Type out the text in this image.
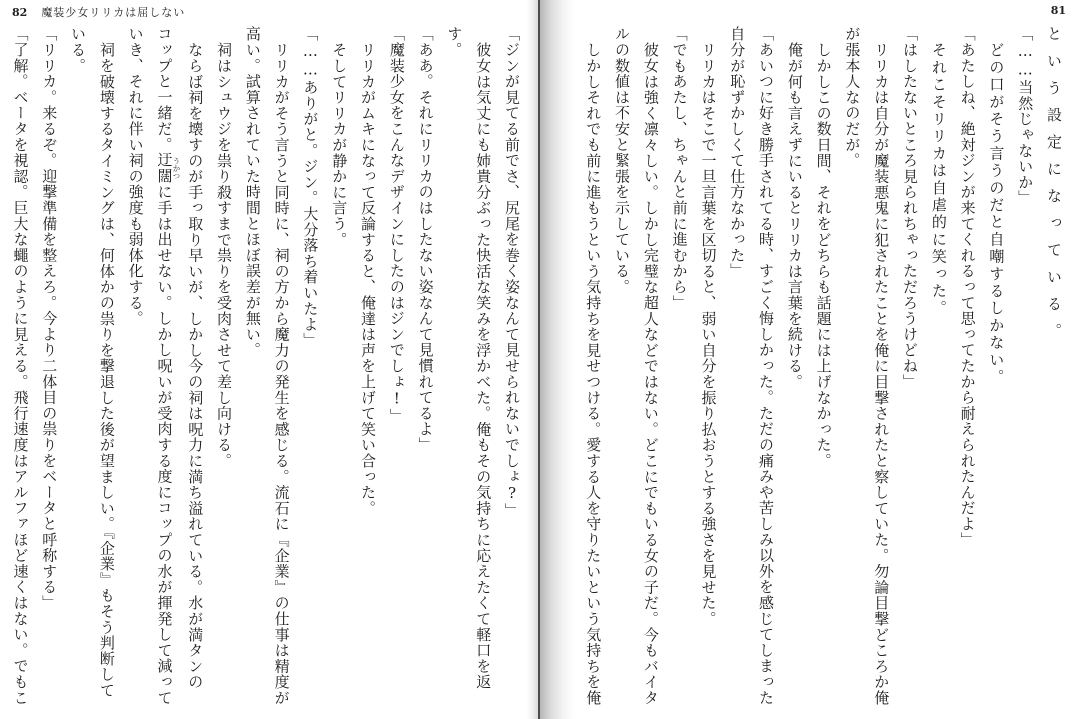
82 魔装少女リリカは屈しない
「ジンが見てる前でさ、尻尾を巻く姿なんて見せられないでしょ?」
彼女は気丈にも姉貴分ぶった快活な笑みを浮かべた。俺もその気持ちに応えたくて軽口を返
す。
「ああ。それにリリカのはしたない姿なんて見慣れてるよ」
「魔装少女をこんなデザインにしたのはジンでしょ!」
リリカがムキになって反論すると、俺達は声を上げて笑い合った。
そしてリリカが静かに言う。
「……ありがと。ジン。大分落ち着いたよ」
リリカがそう言うと同時に、祠の方から魔力の発生を感じる。流石に『企業』の仕事は精度が
高い。試算されていた時間とほぼ誤差が無い。
祠はシュウジを祟り殺すまで祟りを受肉させて差し向ける。
ならば祠を壊すのが手っ取り早いが、しかし今の祠は呪力に満ち溢れている。水が満タンの
コップと一緒だ。迂闊うかつに手は出せない。しかし呪いが受肉する度にコップの水が揮発して減って
いき、それに伴い祠の強度も弱体化する。
祠を破壊するタイミングは、何体かの祟りを撃退した後が望ましい。『企業』もそう判断して
いる。
「リリカ。来るぞ。迎撃準備を整えろ。今より二体目の祟りをベータと呼称する」
「了解。ベータを視認。巨大な蠅のように見える。飛行速度はアルファほど速くはない。でもこ
81
という設定になっている。
「……当然じゃないか」
どの口がそう言うのだと自嘲するしかない。
「あたしね、絶対ジンが来てくれるって思ってたから耐えられたんだよ」
それこそリリカは自虐的に笑った。
「はしたないところ見られちゃっただろうけどね」
リリカは自分が魔装悪鬼に犯されたことを俺に目撃されたと察していた。勿論目撃どころか俺
が張本人なのだが。
しかしこの数日間、それをどちらも話題には上げなかった。
俺が何も言えずにいるとリリカは言葉を続ける。
「あいつに好き勝手されてる時、すごく悔しかった。ただの痛みや苦しみ以外を感じてしまった
自分が恥ずかしくて仕方なかった」
リリカはそこで一旦言葉を区切ると、弱い自分を振り払おうとする強さを見せた。
「でもあたし、ちゃんと前に進むから」
彼女は強く凛々しい。しかし完璧な超人などではない。どこにでもいる女の子だ。今もバイタ
ルの数値は不安と緊張を示している。
しかしそれでも前に進もうという気持ちを見せつける。愛する人を守りたいという気持ちを俺
